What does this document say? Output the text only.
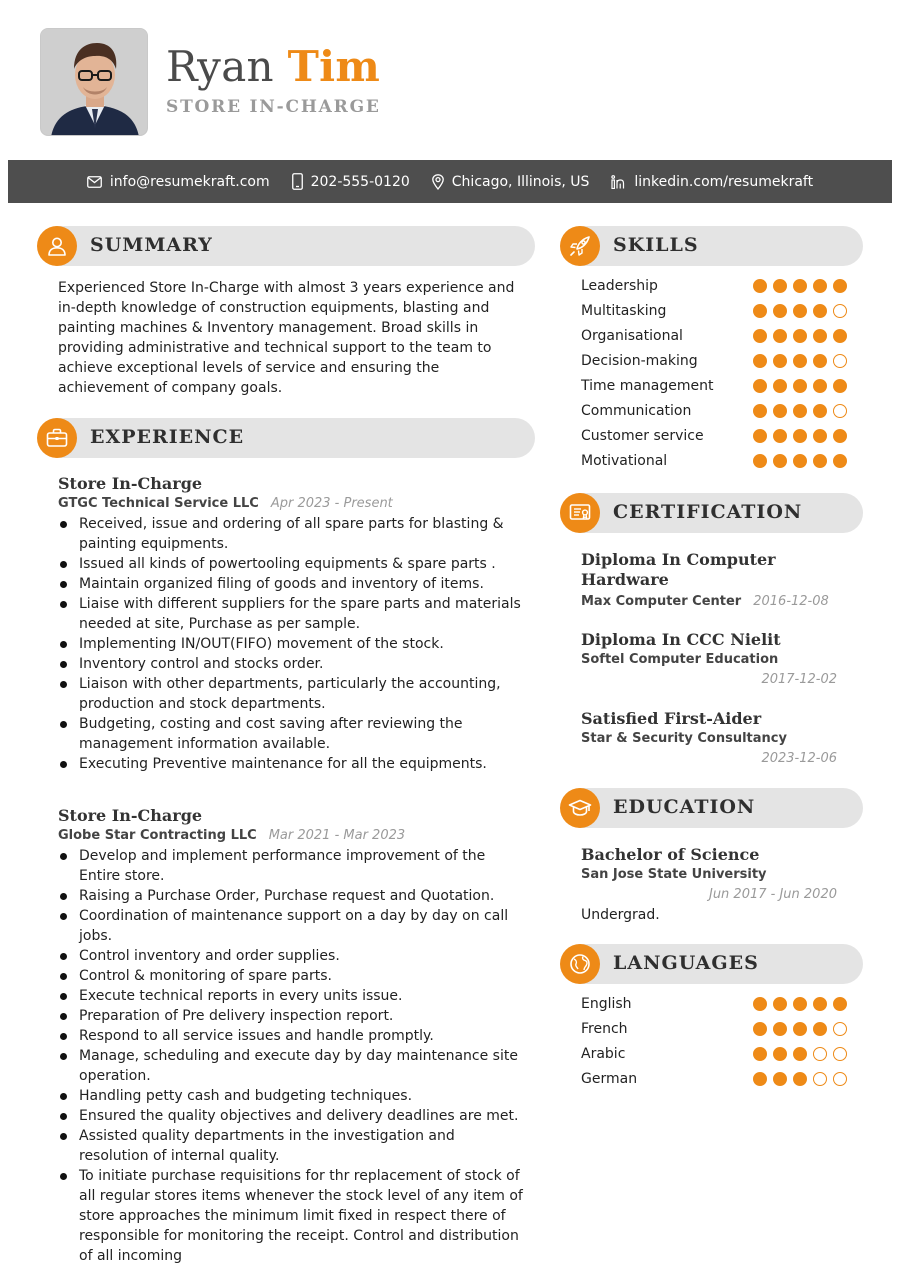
Ryan Tim
STORE IN-CHARGE
info@resumekraft.com	202-555-0120	Chicago, Illinois, US	linkedin.com/resumekraft
SUMMARY

Experienced Store In-Charge with almost 3 years experience and in-depth knowledge of construction equipments, blasting and painting machines & Inventory management. Broad skills in providing administrative and technical support to the team to achieve exceptional levels of service and ensuring the achievement of company goals.

EXPERIENCE
Store In-Charge
GTGC Technical Service LLC Apr 2023 - Present
Received, issue and ordering of all spare parts for blasting & painting equipments.
Issued all kinds of powertooling equipments & spare parts .
Maintain organized filing of goods and inventory of items.
Liaise with different suppliers for the spare parts and materials needed at site, Purchase as per sample.
Implementing IN/OUT(FIFO) movement of the stock.
Inventory control and stocks order.
Liaison with other departments, particularly the accounting, production and stock departments.
Budgeting, costing and cost saving after reviewing the management information available.
Executing Preventive maintenance for all the equipments.
Store In-Charge
Globe Star Contracting LLC Mar 2021 - Mar 2023
Develop and implement performance improvement of the Entire store.
Raising a Purchase Order, Purchase request and Quotation.
Coordination of maintenance support on a day by day on call jobs.
Control inventory and order supplies.
Control & monitoring of spare parts.
Execute technical reports in every units issue.
Preparation of Pre delivery inspection report.
Respond to all service issues and handle promptly.
Manage, scheduling and execute day by day maintenance site operation.
Handling petty cash and budgeting techniques.
Ensured the quality objectives and delivery deadlines are met.
Assisted quality departments in the investigation and resolution of internal quality.
To initiate purchase requisitions for thr replacement of stock of all regular stores items whenever the stock level of any item of store approaches the minimum limit fixed in respect there of responsible for monitoring the receipt. Control and distribution of all incoming
SKILLS
Leadership
Multitasking
Organisational
Decision-making
Time management
Communication
Customer service
Motivational
CERTIFICATION
Diploma In Computer Hardware
Max Computer Center 2016-12-08
Diploma In CCC Nielit
Softel Computer Education
2017-12-02
Satisfied First-Aider
Star & Security Consultancy
2023-12-06
EDUCATION
Bachelor of Science
San Jose State University
Jun 2017 - Jun 2020
Undergrad.
LANGUAGES
English
French
Arabic
German
